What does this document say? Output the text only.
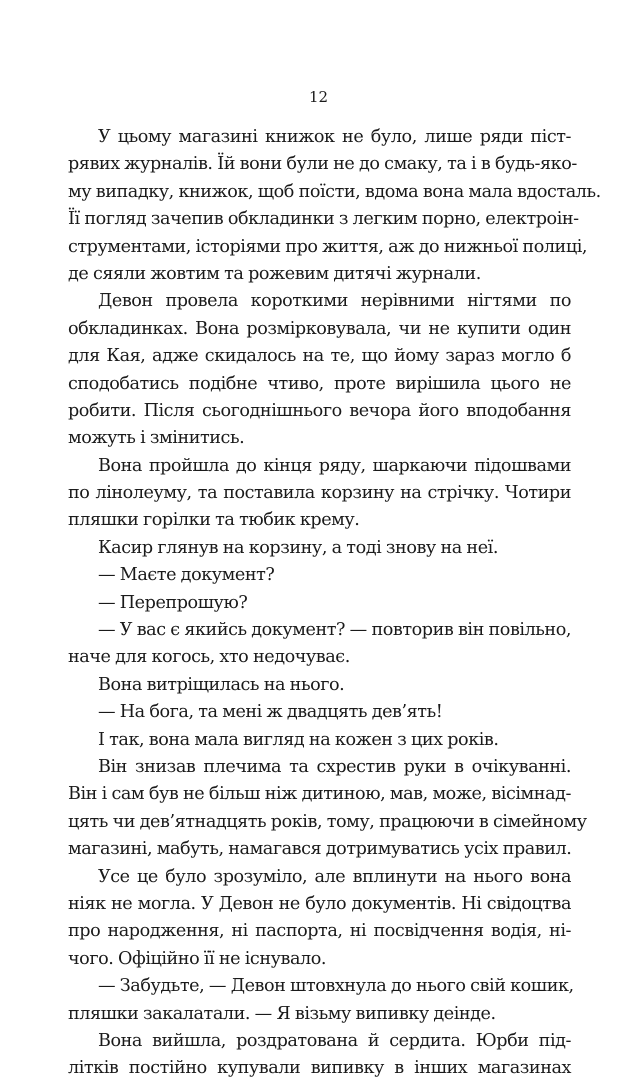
12
У цьому магазині книжок не було, лише ряди піст-
рявих журналів. Їй вони були не до смаку, та і в будь-яко-
му випадку, книжок, щоб поїсти, вдома вона мала вдосталь.
Її погляд зачепив обкладинки з легким порно, електроін-
струментами, історіями про життя, аж до нижньої полиці,
де сяяли жовтим та рожевим дитячі журнали.
Девон провела короткими нерівними нігтями по
обкладинках. Вона розмірковувала, чи не купити один
для Кая, адже скидалось на те, що йому зараз могло б
сподобатись подібне чтиво, проте вирішила цього не
робити. Після сьогоднішнього вечора його вподобання
можуть і змінитись.
Вона пройшла до кінця ряду, шаркаючи підошвами
по лінолеуму, та поставила корзину на стрічку. Чотири
пляшки горілки та тюбик крему.
Касир глянув на корзину, а тоді знову на неї.
— Маєте документ?
— Перепрошую?
— У вас є якийсь документ? — повторив він повільно,
наче для когось, хто недочуває.
Вона витріщилась на нього.
— На бога, та мені ж двадцять дев’ять!
І так, вона мала вигляд на кожен з цих років.
Він знизав плечима та схрестив руки в очікуванні.
Він і сам був не більш ніж дитиною, мав, може, вісімнад-
цять чи дев’ятнадцять років, тому, працюючи в сімейному
магазині, мабуть, намагався дотримуватись усіх правил.
Усе це було зрозуміло, але вплинути на нього вона
ніяк не могла. У Девон не було документів. Ні свідоцтва
про народження, ні паспорта, ні посвідчення водія, ні-
чого. Офіційно її не існувало.
— Забудьте, — Девон штовхнула до нього свій кошик,
пляшки закалатали. — Я візьму випивку деінде.
Вона вийшла, роздратована й сердита. Юрби під-
літків постійно купували випивку в інших магазинах
